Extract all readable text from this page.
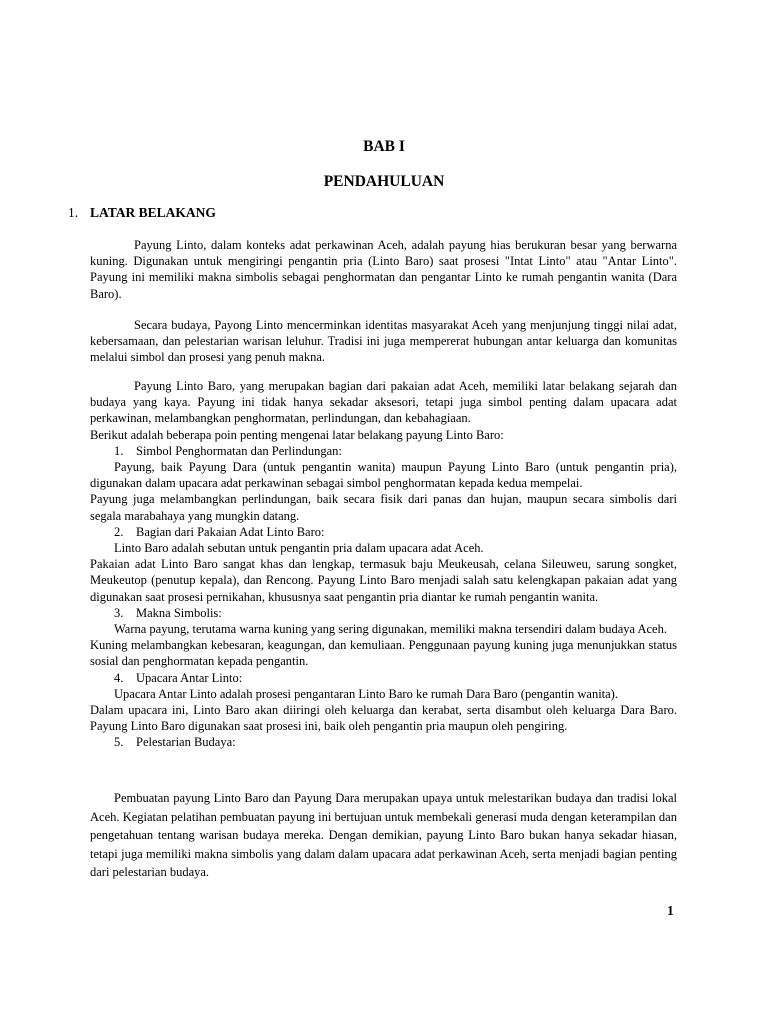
BAB I
PENDAHULUAN
1. LATAR BELAKANG

Payung Linto, dalam konteks adat perkawinan Aceh, adalah payung hias berukuran besar yang berwarna kuning. Digunakan untuk mengiringi pengantin pria (Linto Baro) saat prosesi "Intat Linto" atau "Antar Linto". Payung ini memiliki makna simbolis sebagai penghormatan dan pengantar Linto ke rumah pengantin wanita (Dara Baro).

Secara budaya, Payong Linto mencerminkan identitas masyarakat Aceh yang menjunjung tinggi nilai adat, kebersamaan, dan pelestarian warisan leluhur. Tradisi ini juga mempererat hubungan antar keluarga dan komunitas melalui simbol dan prosesi yang penuh makna.

Payung Linto Baro, yang merupakan bagian dari pakaian adat Aceh, memiliki latar belakang sejarah dan budaya yang kaya. Payung ini tidak hanya sekadar aksesori, tetapi juga simbol penting dalam upacara adat perkawinan, melambangkan penghormatan, perlindungan, dan kebahagiaan.

Berikut adalah beberapa poin penting mengenai latar belakang payung Linto Baro:

1. Simbol Penghormatan dan Perlindungan:

Payung, baik Payung Dara (untuk pengantin wanita) maupun Payung Linto Baro (untuk pengantin pria), digunakan dalam upacara adat perkawinan sebagai simbol penghormatan kepada kedua mempelai.

Payung juga melambangkan perlindungan, baik secara fisik dari panas dan hujan, maupun secara simbolis dari segala marabahaya yang mungkin datang.

2. Bagian dari Pakaian Adat Linto Baro:

Linto Baro adalah sebutan untuk pengantin pria dalam upacara adat Aceh.

Pakaian adat Linto Baro sangat khas dan lengkap, termasuk baju Meukeusah, celana Sileuweu, sarung songket, Meukeutop (penutup kepala), dan Rencong. Payung Linto Baro menjadi salah satu kelengkapan pakaian adat yang digunakan saat prosesi pernikahan, khususnya saat pengantin pria diantar ke rumah pengantin wanita.

3. Makna Simbolis:

Warna payung, terutama warna kuning yang sering digunakan, memiliki makna tersendiri dalam budaya Aceh.

Kuning melambangkan kebesaran, keagungan, dan kemuliaan. Penggunaan payung kuning juga menunjukkan status sosial dan penghormatan kepada pengantin.

4. Upacara Antar Linto:

Upacara Antar Linto adalah prosesi pengantaran Linto Baro ke rumah Dara Baro (pengantin wanita).

Dalam upacara ini, Linto Baro akan diiringi oleh keluarga dan kerabat, serta disambut oleh keluarga Dara Baro. Payung Linto Baro digunakan saat prosesi ini, baik oleh pengantin pria maupun oleh pengiring.

5. Pelestarian Budaya:

Pembuatan payung Linto Baro dan Payung Dara merupakan upaya untuk melestarikan budaya dan tradisi lokal Aceh. Kegiatan pelatihan pembuatan payung ini bertujuan untuk membekali generasi muda dengan keterampilan dan pengetahuan tentang warisan budaya mereka. Dengan demikian, payung Linto Baro bukan hanya sekadar hiasan, tetapi juga memiliki makna simbolis yang dalam dalam upacara adat perkawinan Aceh, serta menjadi bagian penting dari pelestarian budaya.

1
